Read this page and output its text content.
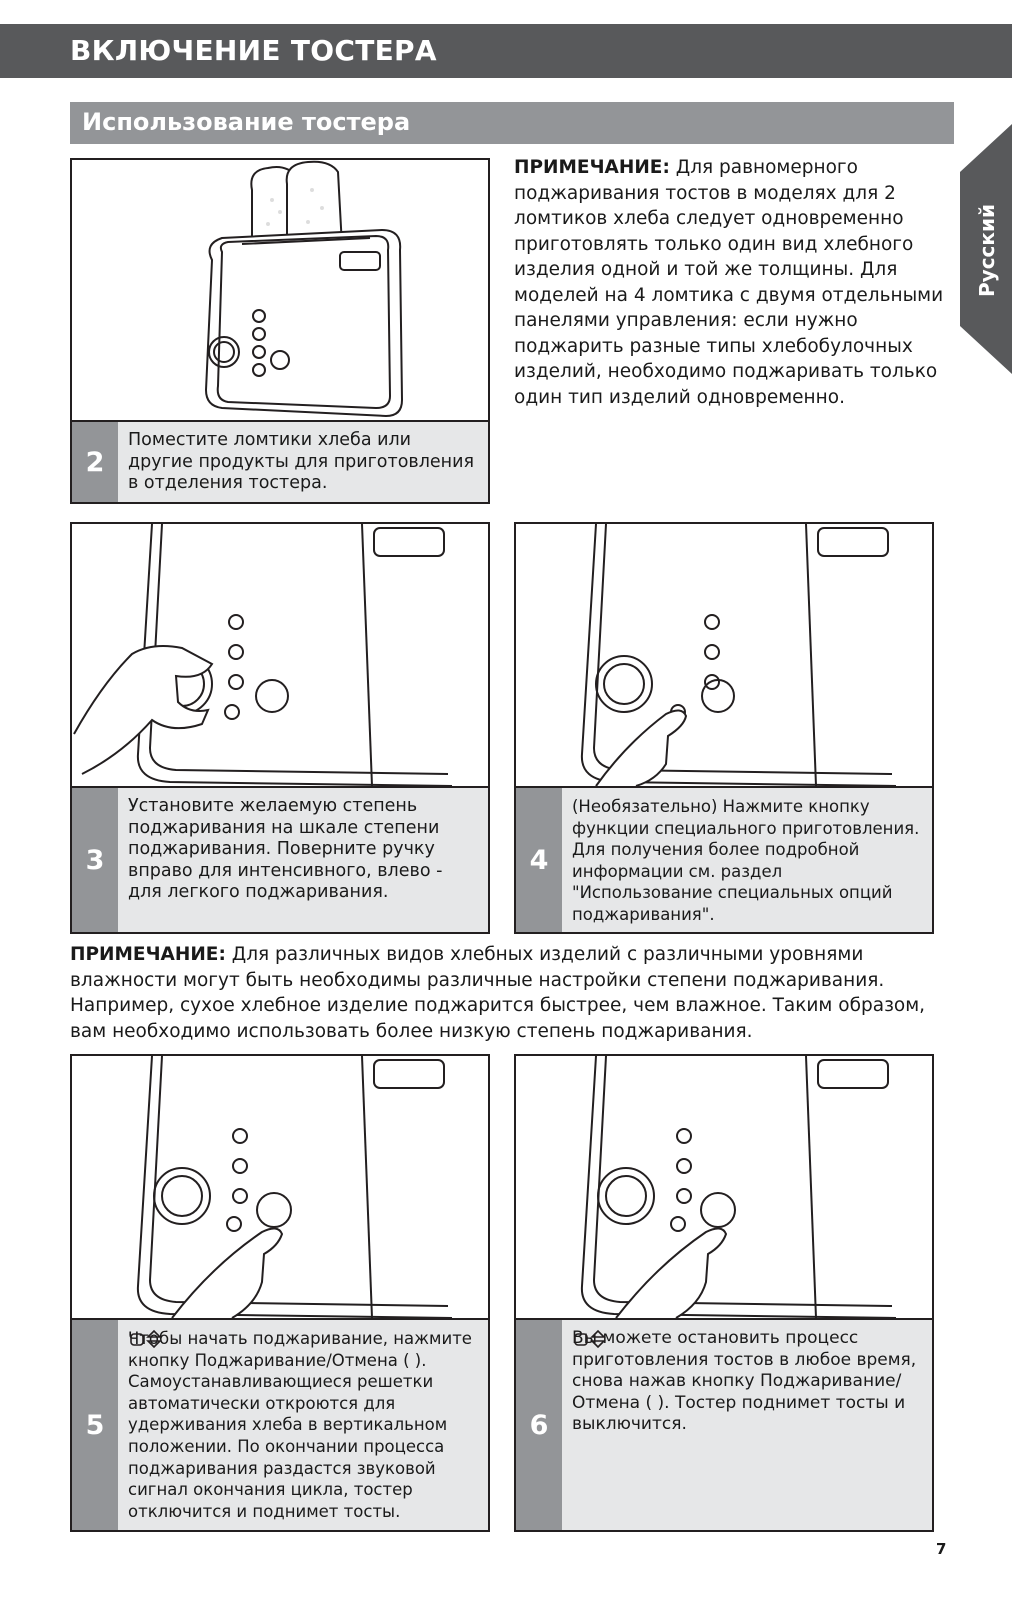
ВКЛЮЧЕНИЕ ТОСТЕРА
Использование тостера
Русский
2
Поместите ломтики хлеба или другие продукты для приготовления в отделения тостера.
ПРИМЕЧАНИЕ: Для равномерного поджаривания тостов в моделях для 2 ломтиков хлеба следует одновременно приготовлять только один вид хлебного изделия одной и той же толщины. Для моделей на 4 ломтика с двумя отдельными панелями управления: если нужно поджарить разные типы хлебобулочных изделий, необходимо поджаривать только один тип изделий одновременно.
3
Установите желаемую степень поджаривания на шкале степени поджаривания. Поверните ручку вправо для интенсивного, влево - для легкого поджаривания.
4
(Необязательно) Нажмите кнопку функции специального приготовления. Для получения более подробной информации см. раздел "Использование специальных опций поджаривания".
ПРИМЕЧАНИЕ: Для различных видов хлебных изделий с различными уровнями влажности могут быть необходимы различные настройки степени поджаривания. Например, сухое хлебное изделие поджарится быстрее, чем влажное. Таким образом, вам необходимо использовать более низкую степень поджаривания.
5
Чтобы начать поджаривание, нажмите кнопку Поджаривание/Отмена ( ). Самоустанавливающиеся решетки автоматически откроются для удерживания хлеба в вертикальном положении. По окончании процесса поджаривания раздастся звуковой сигнал окончания цикла, тостер отключится и поднимет тосты.
6
Вы можете остановить процесс приготовления тостов в любое время, снова нажав кнопку Поджаривание/ Отмена ( ). Тостер поднимет тосты и выключится.
7
